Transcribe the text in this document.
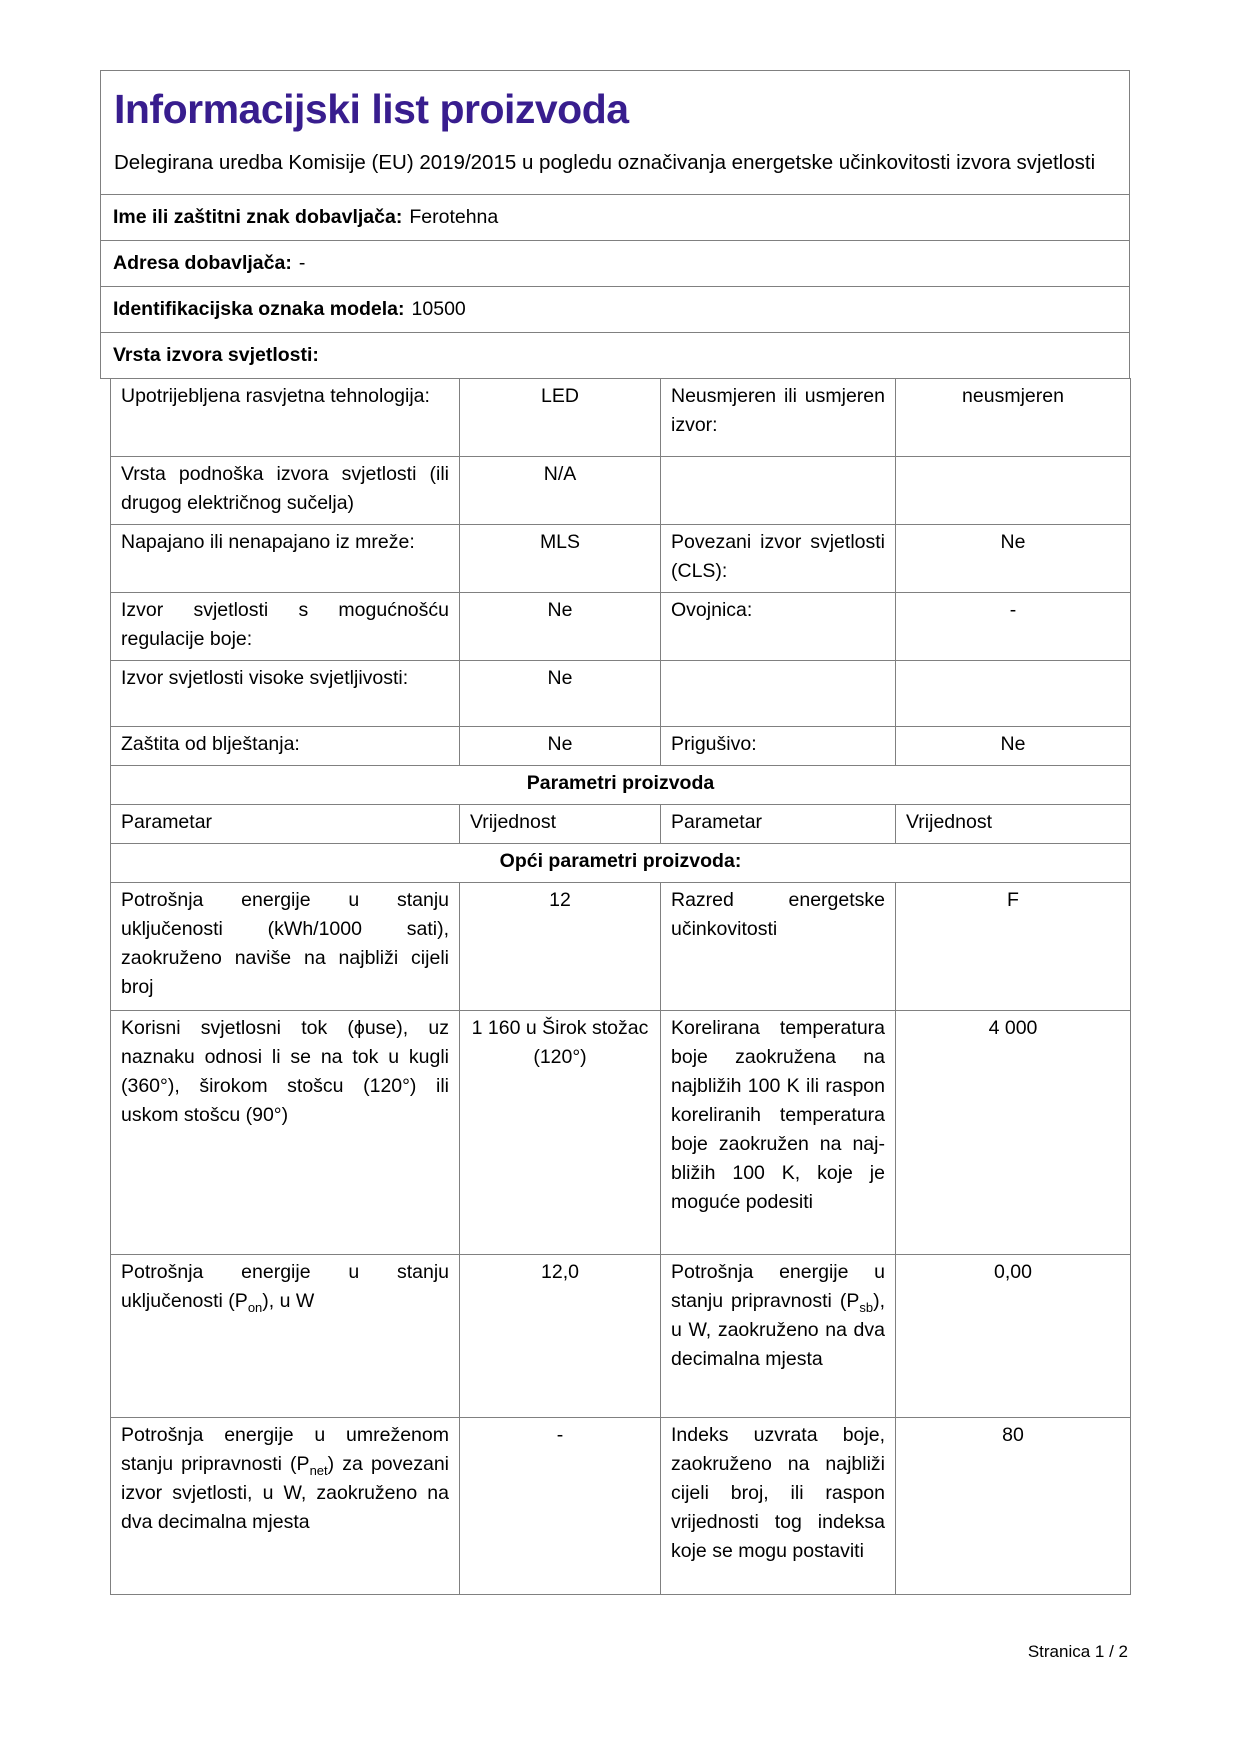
Informacijski list proizvoda

Delegirana uredba Komisije (EU) 2019/2015 u pogledu označivanja energetske učinkovitosti izvora svjetlosti

Ime ili zaštitni znak dobavljača: Ferotehna
Adresa dobavljača: -
Identifikacijska oznaka modela: 10500
Vrsta izvora svjetlosti:
Upotrijebljena rasvjetna tehnologija:	LED	Neusmjeren ili usmjeren izvor:	neusmjeren
Vrsta podnoška izvora svjetlosti (ili drugog električnog sučelja)	N/A		
Napajano ili nenapajano iz mreže:	MLS	Povezani izvor svjetlosti (CLS):	Ne
Izvor svjetlosti s mogućnošću regulacije boje:	Ne	Ovojnica:	-
Izvor svjetlosti visoke svjetljivosti:	Ne		
Zaštita od blještanja:	Ne	Prigušivo:	Ne
Parametri proizvoda			
Parametar	Vrijednost	Parametar	Vrijednost
Opći parametri proizvoda:			
Potrošnja energije u stanju uključenosti (kWh/1000 sati), zaokruženo naviše na najbliži cijeli broj	12	Razred energetske učinkovitosti	F
Korisni svjetlosni tok (ϕuse), uz naznaku odnosi li se na tok u kugli (360°), širokom stošcu (120°) ili uskom stošcu (90°)	1 160 u Širok stožac (120°)	Korelirana temperatura boje zaokružena na najbližih 100 K ili raspon koreliranih temperatura boje zaokružen na najbližih 100 K, koje je moguće podesiti	4 000
Potrošnja energije u stanju uključenosti $(P_{on})$, u W	12,0	Potrošnja energije u stanju pripravnosti $(P_{sb})$, u W, zaokruženo na dva decimalna mjesta	0,00
Potrošnja energije u umreženom stanju pripravnosti $(P_{net})$ za povezani izvor svjetlosti, u W, zaokruženo na dva decimalna mjesta	-	Indeks uzvrata boje, zaokruženo na najbliži cijeli broj, ili raspon vrijednosti tog indeksa koje se mogu postaviti	80
Stranica 1 / 2
